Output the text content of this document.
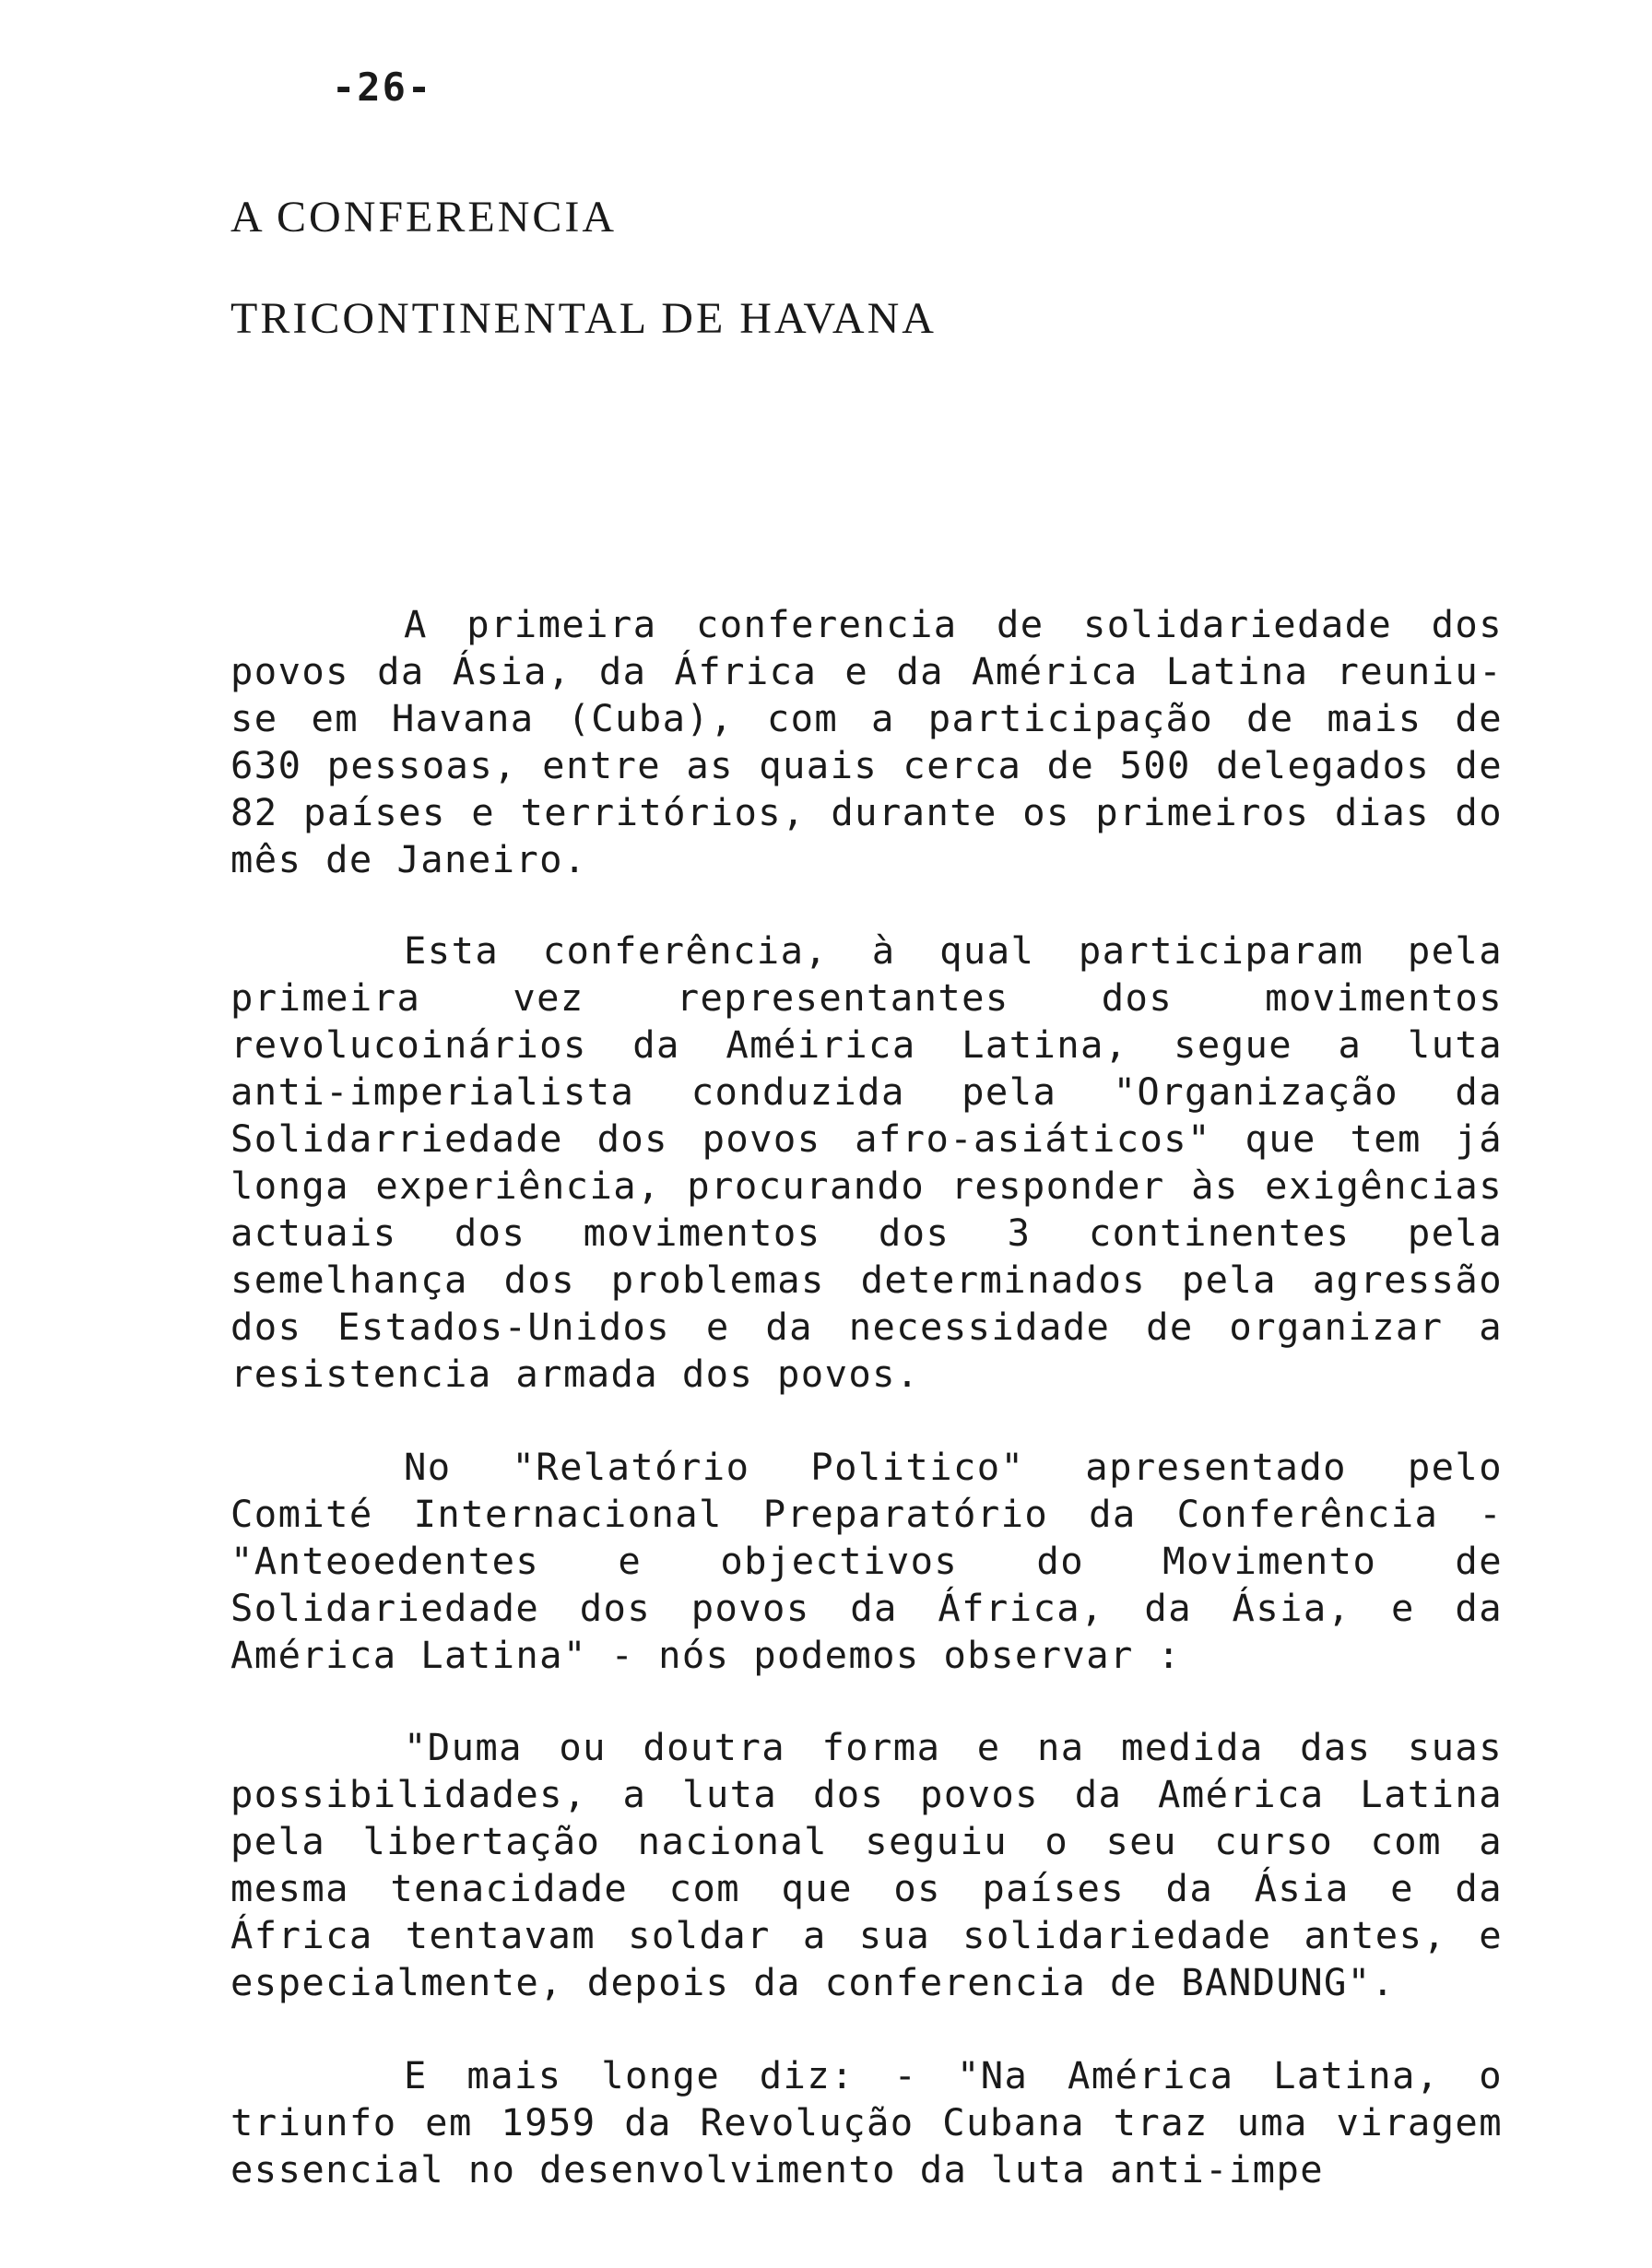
-26-
A CONFERENCIA
TRICONTINENTAL DE HAVANA

A primeira conferencia de solidariedade dos povos da Ásia, da África e da América Latina reuniu-se em Havana (Cuba), com a participação de mais de 630 pessoas, entre as quais cerca de 500 delegados de 82 países e territórios, durante os primeiros dias do mês de Janeiro.

Esta conferência, à qual participaram pela primeira vez representantes dos movimentos revolucoinários da Améirica Latina, segue a luta anti-imperialista conduzida pela "Organização da Solidarriedade dos povos afro-asiáticos" que tem já longa experiência, procurando responder às exigências actuais dos movimentos dos 3 continentes pela semelhança dos problemas determinados pela agressão dos Estados-Unidos e da necessidade de organizar a resistencia armada dos povos.

No "Relatório Politico" apresentado pelo Comité Internacional Preparatório da Conferência - "Anteoedentes e objectivos do Movimento de Solidariedade dos povos da África, da Ásia, e da América Latina" - nós podemos observar :

"Duma ou doutra forma e na medida das suas possibilidades, a luta dos povos da América Latina pela libertação nacional seguiu o seu curso com a mesma tenacidade com que os países da Ásia e da África tentavam soldar a sua solidariedade antes, e especialmente, depois da conferencia de BANDUNG".

E mais longe diz: - "Na América Latina, o triunfo em 1959 da Revolução Cubana traz uma viragem essencial no desenvolvimento da luta anti-impe
